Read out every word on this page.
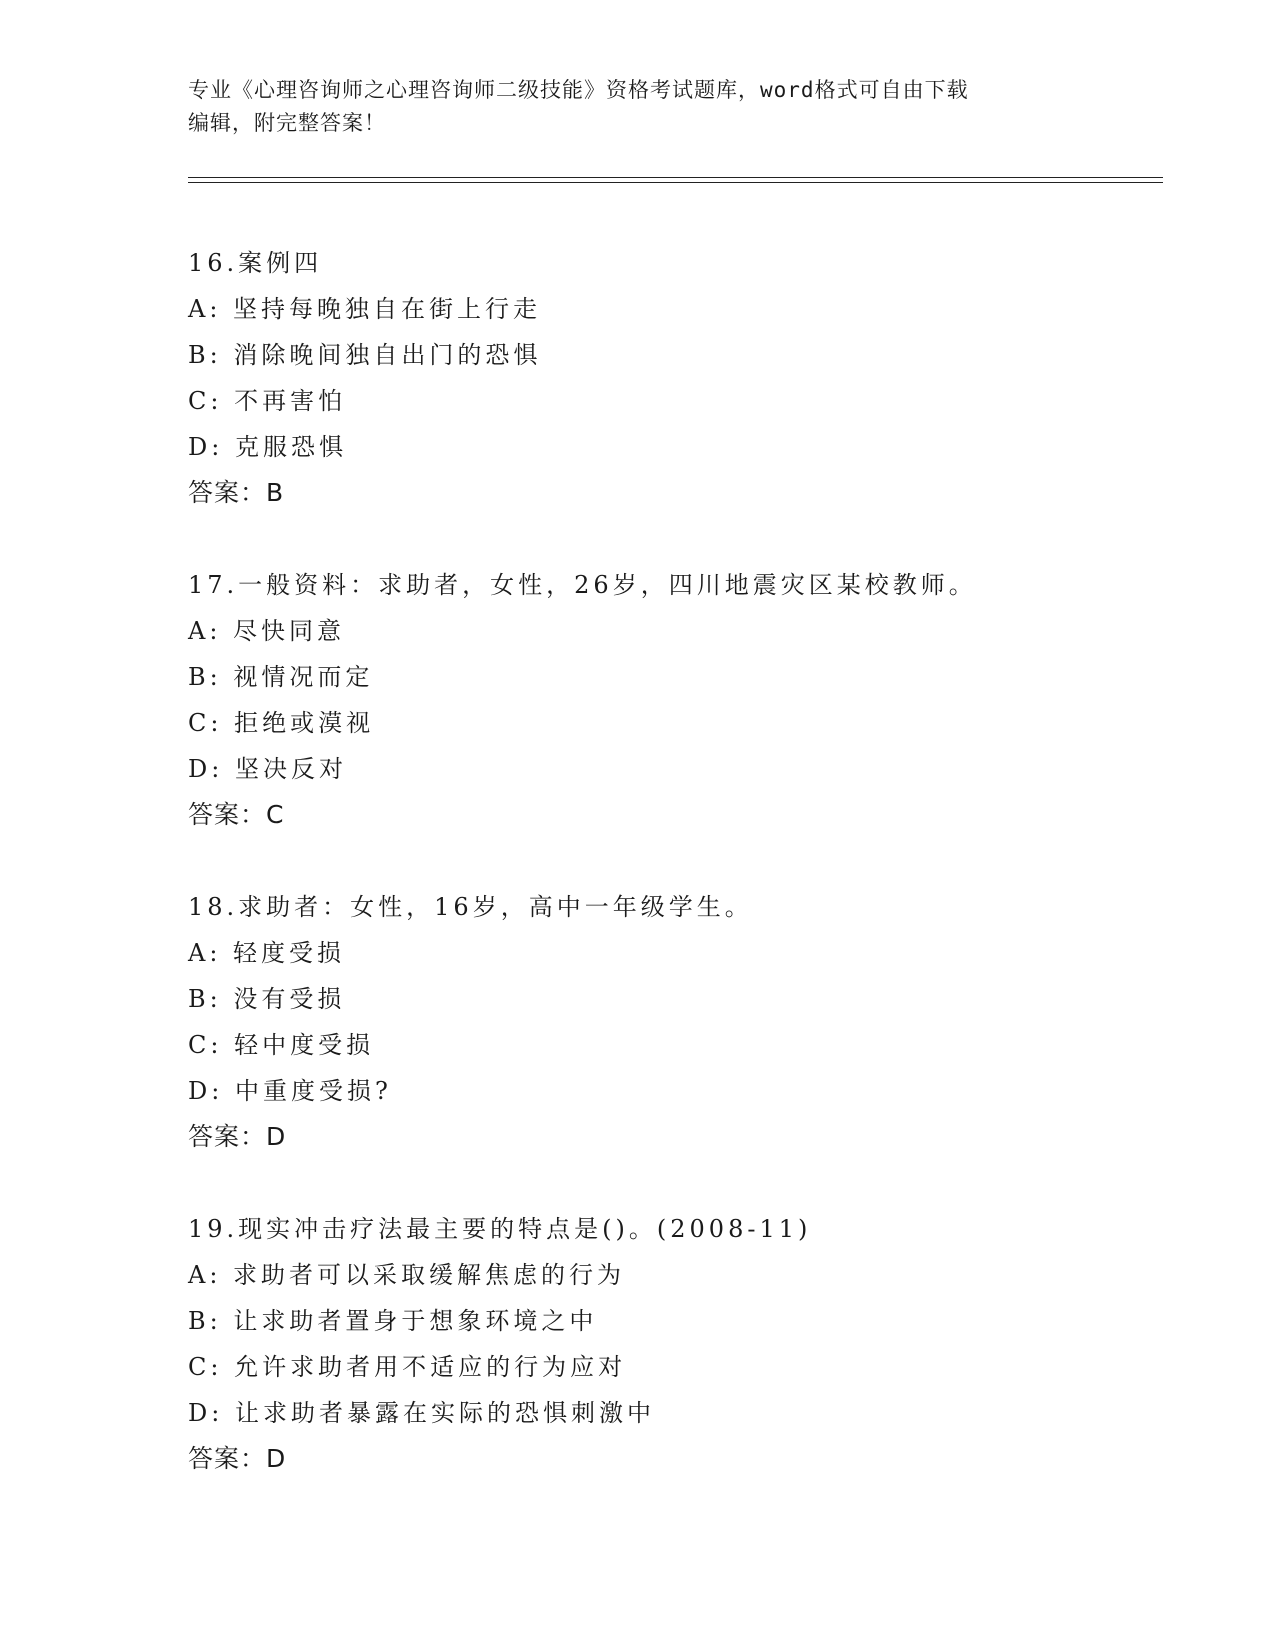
专业《心理咨询师之心理咨询师二级技能》资格考试题库，word格式可自由下载
编辑，附完整答案！
16.案例四
A: 坚持每晚独自在街上行走
B: 消除晚间独自出门的恐惧
C: 不再害怕
D: 克服恐惧
答案：B
17.一般资料：求助者，女性，26岁，四川地震灾区某校教师。
A: 尽快同意
B: 视情况而定
C: 拒绝或漠视
D: 坚决反对
答案：C
18.求助者：女性，16岁，高中一年级学生。
A: 轻度受损
B: 没有受损
C: 轻中度受损
D: 中重度受损?
答案：D
19.现实冲击疗法最主要的特点是()。(2008-11)
A: 求助者可以采取缓解焦虑的行为
B: 让求助者置身于想象环境之中
C: 允许求助者用不适应的行为应对
D: 让求助者暴露在实际的恐惧刺激中
答案：D
